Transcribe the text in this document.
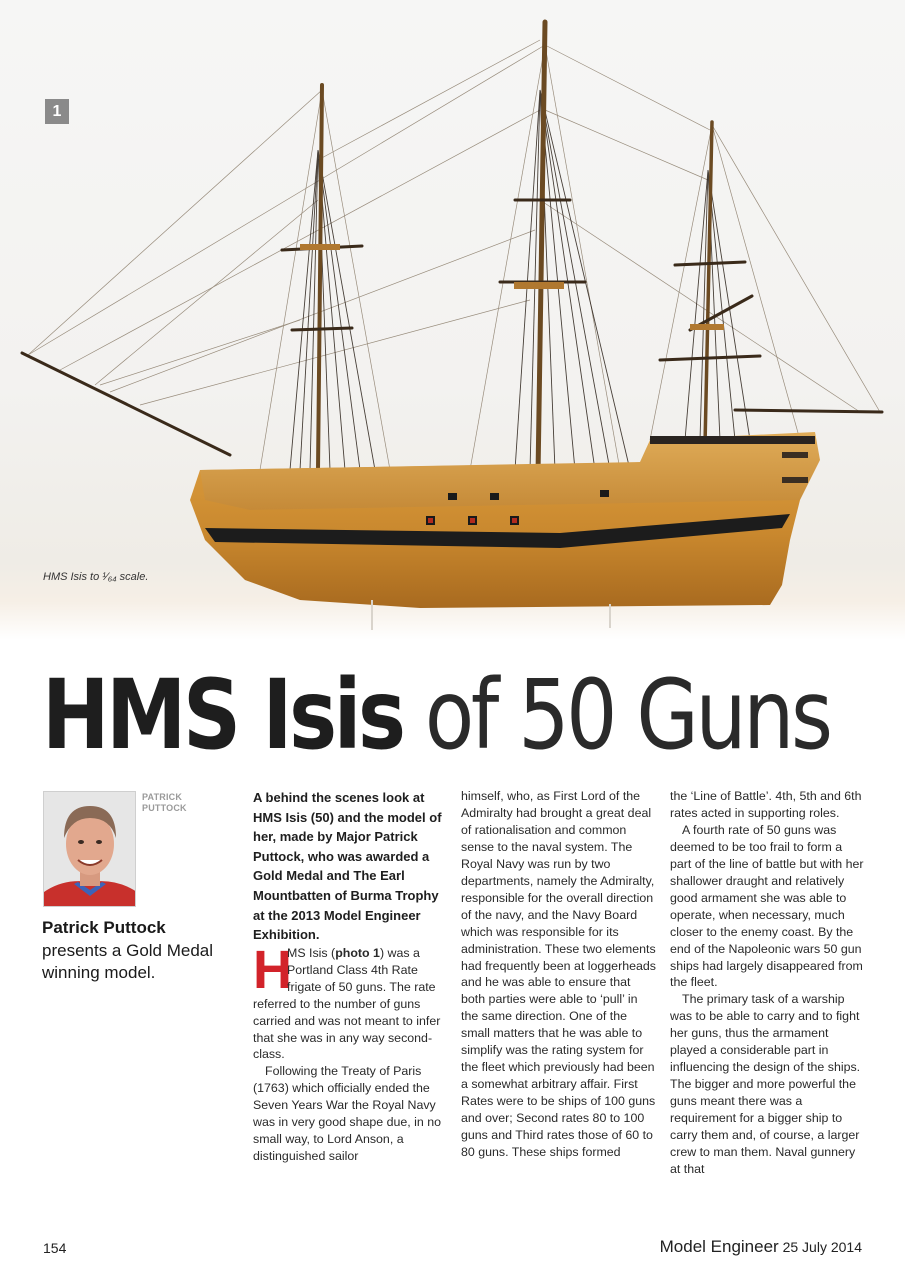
1
HMS Isis to ¹⁄₆₄ scale.
HMS Isis of 50 Guns
PATRICK
PUTTOCK
Patrick Puttock
presents a Gold Medal winning model.

A behind the scenes look at HMS Isis (50) and the model of her, made by Major Patrick Puttock, who was awarded a Gold Medal and The Earl Mountbatten of Burma Trophy at the 2013 Model Engineer Exhibition.

H
MS Isis (photo 1) was a Portland Class 4th Rate frigate of 50 guns. The rate referred to the number of guns carried and was not meant to infer that she was in any way second-class.

Following the Treaty of Paris (1763) which officially ended the Seven Years War the Royal Navy was in very good shape due, in no small way, to Lord Anson, a distinguished sailor

himself, who, as First Lord of the Admiralty had brought a great deal of rationalisation and common sense to the naval system. The Royal Navy was run by two departments, namely the Admiralty, responsible for the overall direction of the navy, and the Navy Board which was responsible for its administration. These two elements had frequently been at loggerheads and he was able to ensure that both parties were able to ‘pull’ in the same direction. One of the small matters that he was able to simplify was the rating system for the fleet which previously had been a somewhat arbitrary affair. First Rates were to be ships of 100 guns and over; Second rates 80 to 100 guns and Third rates those of 60 to 80 guns. These ships formed

the ‘Line of Battle’. 4th, 5th and 6th rates acted in supporting roles.

A fourth rate of 50 guns was deemed to be too frail to form a part of the line of battle but with her shallower draught and relatively good armament she was able to operate, when necessary, much closer to the enemy coast. By the end of the Napoleonic wars 50 gun ships had largely disappeared from the fleet.

The primary task of a warship was to be able to carry and to fight her guns, thus the armament played a considerable part in influencing the design of the ships. The bigger and more powerful the guns meant there was a requirement for a bigger ship to carry them and, of course, a larger crew to man them. Naval gunnery at that

154	Model Engineer 25 July 2014
